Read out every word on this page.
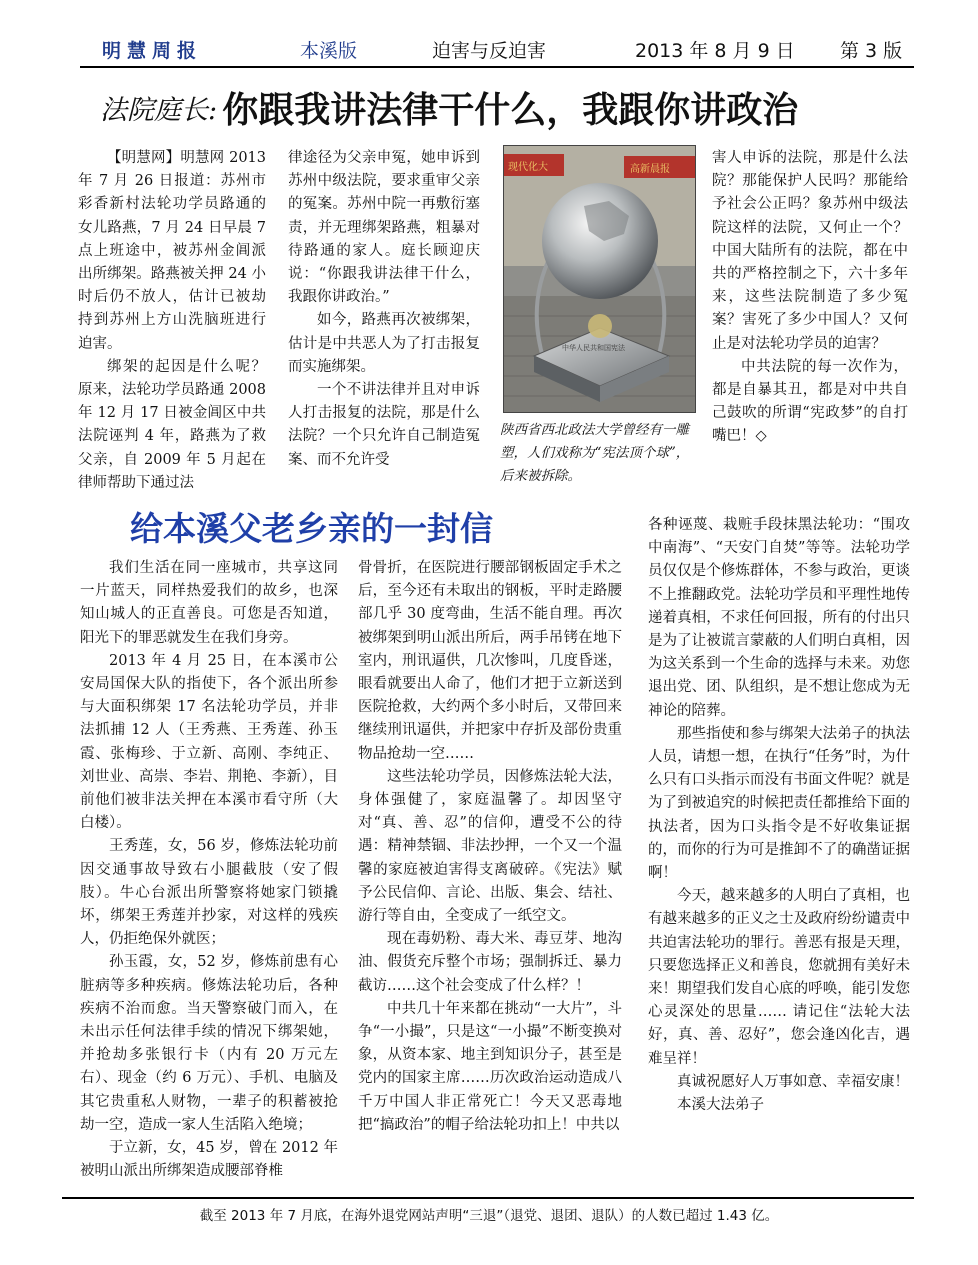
明慧周报	本溪版	迫害与反迫害	2013 年 8 月 9 日 第 3 版
法院庭长: 你跟我讲法律干什么，我跟你讲政治

【明慧网】明慧网 2013 年 7 月 26 日报道：苏州市彩香新村法轮功学员路通的女儿路燕，7 月 24 日早晨 7 点上班途中，被苏州金阊派出所绑架。路燕被关押 24 小时后仍不放人，估计已被劫持到苏州上方山洗脑班进行迫害。

绑架的起因是什么呢？原来，法轮功学员路通 2008 年 12 月 17 日被金阊区中共法院诬判 4 年，路燕为了救父亲，自 2009 年 5 月起在律师帮助下通过法

律途径为父亲申冤，她申诉到苏州中级法院，要求重审父亲的冤案。苏州中院一再敷衍塞责，并无理绑架路燕，粗暴对待路通的家人。庭长顾迎庆说：“你跟我讲法律干什么，我跟你讲政治。”

如今，路燕再次被绑架，估计是中共恶人为了打击报复而实施绑架。

一个不讲法律并且对申诉人打击报复的法院，那是什么法院？一个只允许自己制造冤案、而不允许受

现代化大	高新晨报
中华人民共和国宪法
陕西省西北政法大学曾经有一雕塑，人们戏称为“宪法顶个球”，后来被拆除。

害人申诉的法院，那是什么法院？那能保护人民吗？那能给予社会公正吗？象苏州中级法院这样的法院，又何止一个？中国大陆所有的法院，都在中共的严格控制之下，六十多年来，这些法院制造了多少冤案？害死了多少中国人？又何止是对法轮功学员的迫害？

中共法院的每一次作为，都是自暴其丑，都是对中共自己鼓吹的所谓“宪政梦”的自打嘴巴！◇

给本溪父老乡亲的一封信

我们生活在同一座城市，共享这同一片蓝天，同样热爱我们的故乡，也深知山城人的正直善良。可您是否知道，阳光下的罪恶就发生在我们身旁。

2013 年 4 月 25 日，在本溪市公安局国保大队的指使下，各个派出所参与大面积绑架 17 名法轮功学员，并非法抓捕 12 人（王秀燕、王秀莲、孙玉霞、张梅珍、于立新、高刚、李纯正、刘世业、高崇、李岩、荆艳、李新），目前他们被非法关押在本溪市看守所（大白楼）。

王秀莲，女，56 岁，修炼法轮功前因交通事故导致右小腿截肢（安了假肢）。牛心台派出所警察将她家门锁撬坏，绑架王秀莲并抄家，对这样的残疾人，仍拒绝保外就医；

孙玉霞，女，52 岁，修炼前患有心脏病等多种疾病。修炼法轮功后，各种疾病不治而愈。当天警察破门而入，在未出示任何法律手续的情况下绑架她，并抢劫多张银行卡（内有 20 万元左右）、现金（约 6 万元）、手机、电脑及其它贵重私人财物，一辈子的积蓄被抢劫一空，造成一家人生活陷入绝境；

于立新，女，45 岁，曾在 2012 年被明山派出所绑架造成腰部脊椎

骨骨折，在医院进行腰部钢板固定手术之后，至今还有未取出的钢板，平时走路腰部几乎 30 度弯曲，生活不能自理。再次被绑架到明山派出所后，两手吊铐在地下室内，刑讯逼供，几次惨叫，几度昏迷，眼看就要出人命了，他们才把于立新送到医院抢救，大约两个多小时后，又带回来继续刑讯逼供，并把家中存折及部份贵重物品抢劫一空……

这些法轮功学员，因修炼法轮大法，身体强健了，家庭温馨了。却因坚守对“真、善、忍”的信仰，遭受不公的待遇：精神禁锢、非法抄押，一个又一个温馨的家庭被迫害得支离破碎。《宪法》赋予公民信仰、言论、出版、集会、结社、游行等自由，全变成了一纸空文。

现在毒奶粉、毒大米、毒豆芽、地沟油、假货充斥整个市场；强制拆迁、暴力截访……这个社会变成了什么样？！

中共几十年来都在挑动“一大片”，斗争“一小撮”，只是这“一小撮”不断变换对象，从资本家、地主到知识分子，甚至是党内的国家主席……历次政治运动造成八千万中国人非正常死亡！今天又恶毒地把“搞政治”的帽子给法轮功扣上！中共以

各种诬蔑、栽赃手段抹黑法轮功：“围攻中南海”、“天安门自焚”等等。法轮功学员仅仅是个修炼群体，不参与政治，更谈不上推翻政党。法轮功学员和平理性地传递着真相，不求任何回报，所有的付出只是为了让被谎言蒙蔽的人们明白真相，因为这关系到一个生命的选择与未来。劝您退出党、团、队组织，是不想让您成为无神论的陪葬。

那些指使和参与绑架大法弟子的执法人员，请想一想，在执行“任务”时，为什么只有口头指示而没有书面文件呢？就是为了到被追究的时候把责任都推给下面的执法者，因为口头指令是不好收集证据的，而你的行为可是推卸不了的确凿证据啊！

今天，越来越多的人明白了真相，也有越来越多的正义之士及政府纷纷谴责中共迫害法轮功的罪行。善恶有报是天理，只要您选择正义和善良，您就拥有美好未来！期望我们发自心底的呼唤，能引发您心灵深处的思量…… 请记住“法轮大法好，真、善、忍好”，您会逢凶化吉，遇难呈祥！

真诚祝愿好人万事如意、幸福安康！

本溪大法弟子

截至 2013 年 7 月底，在海外退党网站声明“三退”（退党、退团、退队）的人数已超过 1.43 亿。
